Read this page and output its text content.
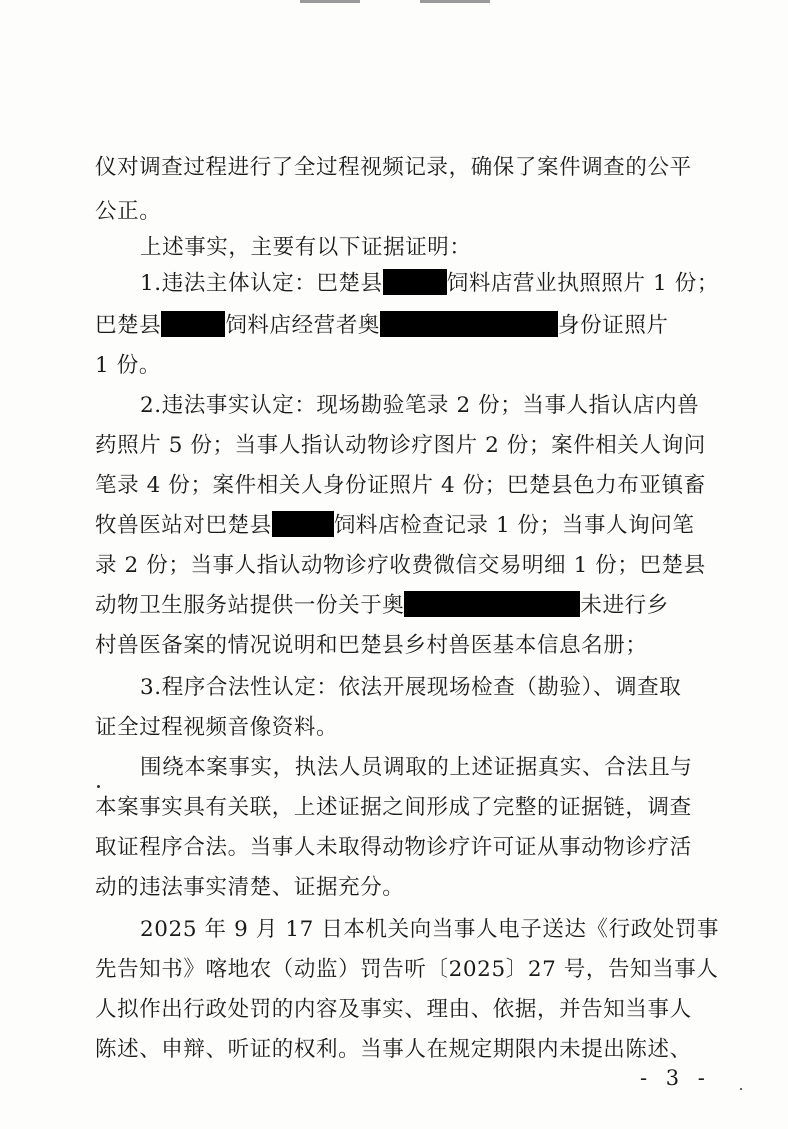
仪对调查过程进行了全过程视频记录，确保了案件调查的公平
公正。
上述事实，主要有以下证据证明：
1.违法主体认定：巴楚县	饲料店营业执照照片 1 份；
巴楚县	饲料店经营者奥	身份证照片
1 份。
2.违法事实认定：现场勘验笔录 2 份；当事人指认店内兽
药照片 5 份；当事人指认动物诊疗图片 2 份；案件相关人询问
笔录 4 份；案件相关人身份证照片 4 份；巴楚县色力布亚镇畜
牧兽医站对巴楚县	饲料店检查记录 1 份；当事人询问笔
录 2 份；当事人指认动物诊疗收费微信交易明细 1 份；巴楚县
动物卫生服务站提供一份关于奥	未进行乡
村兽医备案的情况说明和巴楚县乡村兽医基本信息名册；
3.程序合法性认定：依法开展现场检查（勘验）、调查取
证全过程视频音像资料。
围绕本案事实，执法人员调取的上述证据真实、合法且与
本案事实具有关联，上述证据之间形成了完整的证据链，调查
取证程序合法。当事人未取得动物诊疗许可证从事动物诊疗活
动的违法事实清楚、证据充分。
2025 年 9 月 17 日本机关向当事人电子送达《行政处罚事
先告知书》喀地农（动监）罚告听〔2025〕27 号，告知当事人
人拟作出行政处罚的内容及事实、理由、依据，并告知当事人
陈述、申辩、听证的权利。当事人在规定期限内未提出陈述、
- 3 -
